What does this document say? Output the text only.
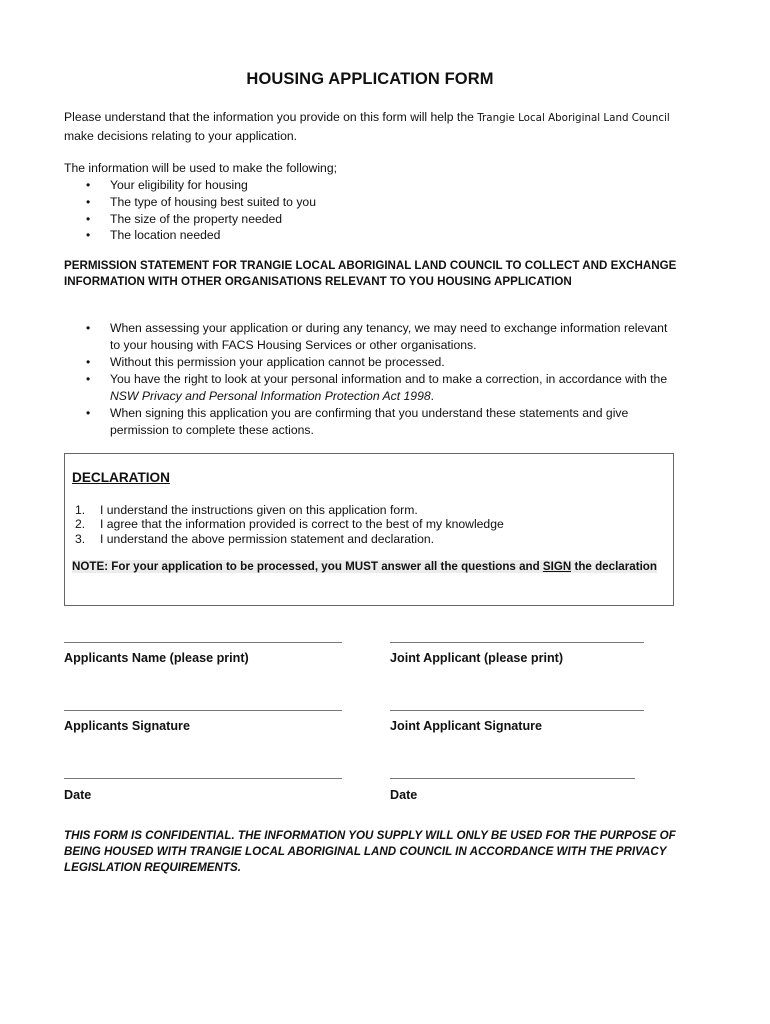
HOUSING APPLICATION FORM

Please understand that the information you provide on this form will help the Trangie Local Aboriginal Land Council make decisions relating to your application.

The information will be used to make the following;

• Your eligibility for housing
• The type of housing best suited to you
• The size of the property needed
• The location needed
PERMISSION STATEMENT FOR TRANGIE LOCAL ABORIGINAL LAND COUNCIL TO COLLECT AND EXCHANGE INFORMATION WITH OTHER ORGANISATIONS RELEVANT TO YOU HOUSING APPLICATION
• When assessing your application or during any tenancy, we may need to exchange information relevant to your housing with FACS Housing Services or other organisations.
• Without this permission your application cannot be processed.
• You have the right to look at your personal information and to make a correction, in accordance with the NSW Privacy and Personal Information Protection Act 1998.
• When signing this application you are confirming that you understand these statements and give permission to complete these actions.
DECLARATION
1. I understand the instructions given on this application form.
2. I agree that the information provided is correct to the best of my knowledge
3. I understand the above permission statement and declaration.
NOTE: For your application to be processed, you MUST answer all the questions and SIGN the declaration
Applicants Name (please print)	Joint Applicant (please print)
Applicants Signature	Joint Applicant Signature
Date	Date
THIS FORM IS CONFIDENTIAL. THE INFORMATION YOU SUPPLY WILL ONLY BE USED FOR THE PURPOSE OF BEING HOUSED WITH TRANGIE LOCAL ABORIGINAL LAND COUNCIL IN ACCORDANCE WITH THE PRIVACY LEGISLATION REQUIREMENTS.
